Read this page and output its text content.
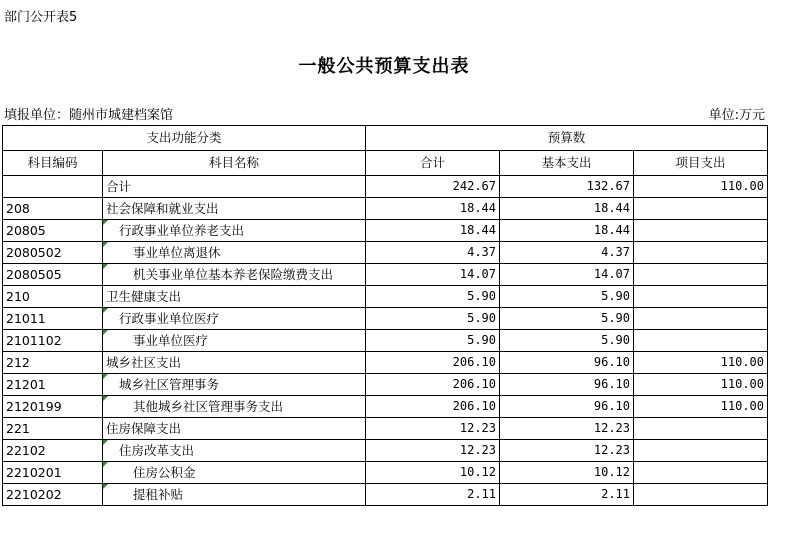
部门公开表5
一般公共预算支出表
填报单位：随州市城建档案馆	单位:万元
支出功能分类		预算数		
科目编码	科目名称	合计	基本支出	项目支出
	合计	242.67	132.67	110.00
208	社会保障和就业支出	18.44	18.44	
20805	行政事业单位养老支出	18.44	18.44	
2080502	事业单位离退休	4.37	4.37	
2080505	机关事业单位基本养老保险缴费支出	14.07	14.07	
210	卫生健康支出	5.90	5.90	
21011	行政事业单位医疗	5.90	5.90	
2101102	事业单位医疗	5.90	5.90	
212	城乡社区支出	206.10	96.10	110.00
21201	城乡社区管理事务	206.10	96.10	110.00
2120199	其他城乡社区管理事务支出	206.10	96.10	110.00
221	住房保障支出	12.23	12.23	
22102	住房改革支出	12.23	12.23	
2210201	住房公积金	10.12	10.12	
2210202	提租补贴	2.11	2.11	
